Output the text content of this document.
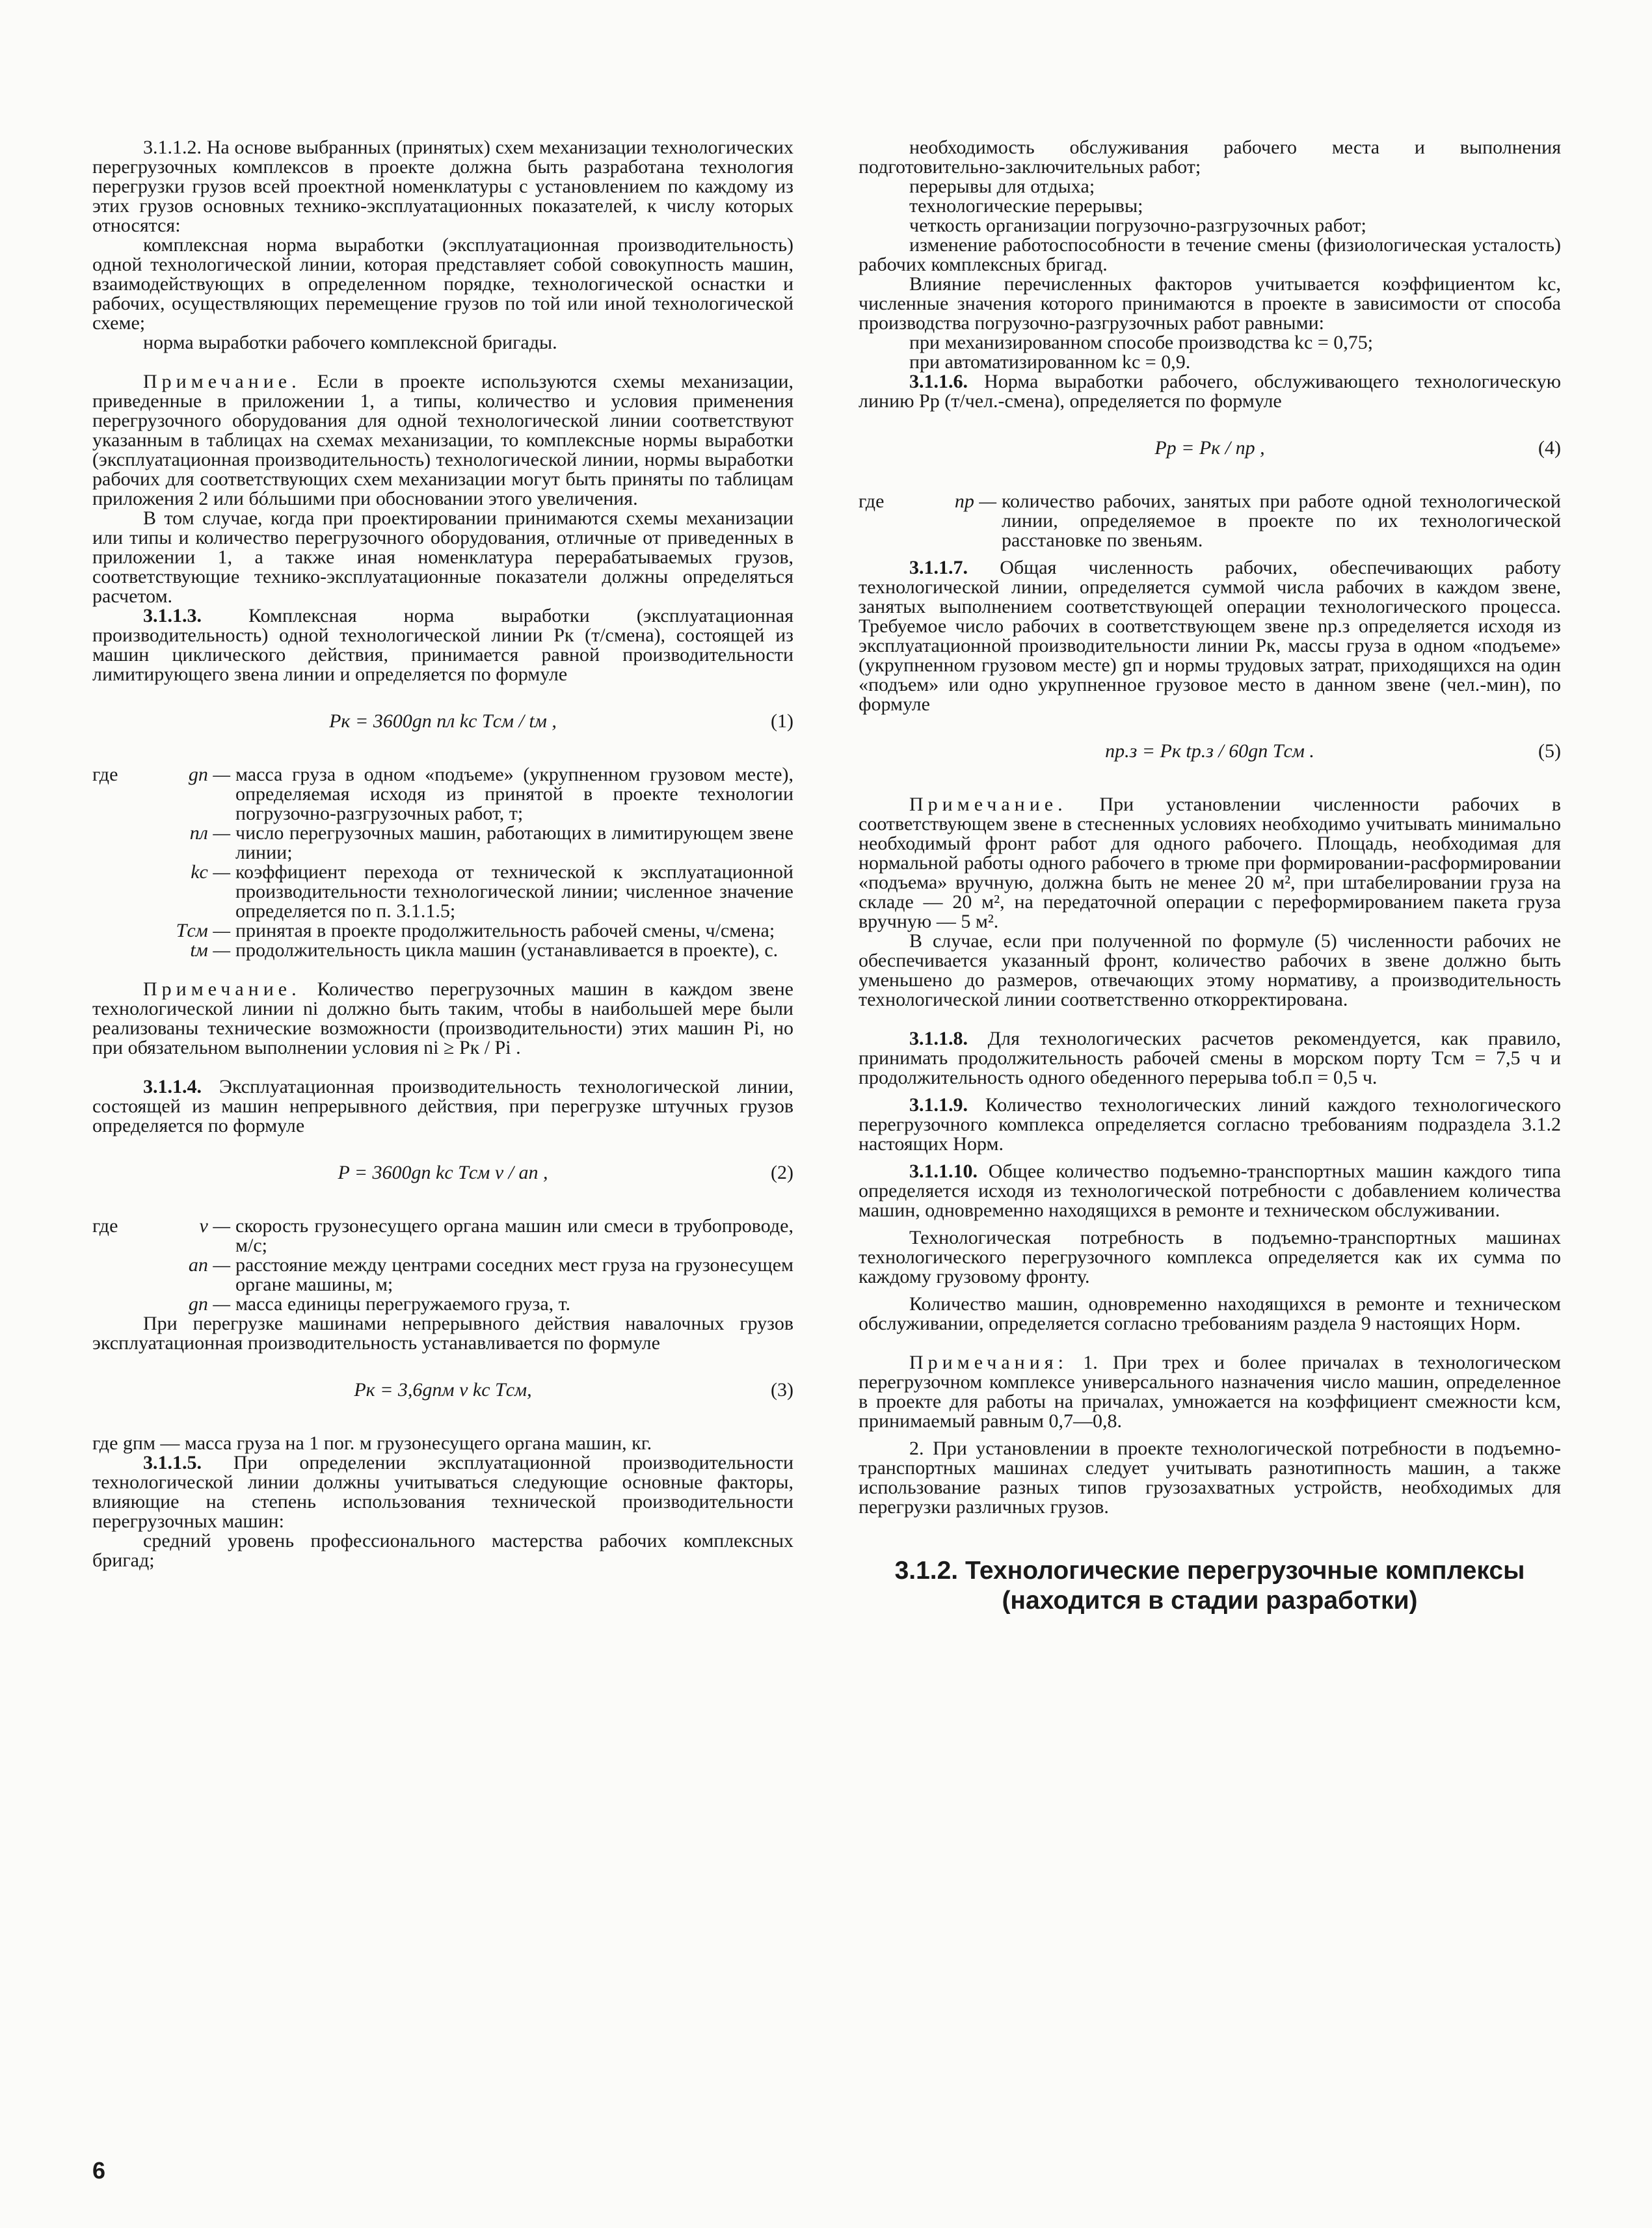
3.1.1.2. На основе выбранных (принятых) схем механизации технологических перегрузочных комплексов в проекте должна быть разработана технология перегрузки грузов всей проектной номенклатуры с установлением по каждому из этих грузов основных технико-эксплуатационных показателей, к числу которых относятся:

комплексная норма выработки (эксплуатационная производительность) одной технологической линии, которая представляет собой совокупность машин, взаимодействующих в определенном порядке, технологической оснастки и рабочих, осуществляющих перемещение грузов по той или иной технологической схеме;

норма выработки рабочего комплексной бригады.

Примечание. Если в проекте используются схемы механизации, приведенные в приложении 1, а типы, количество и условия применения перегрузочного оборудования для одной технологической линии соответствуют указанным в таблицах на схемах механизации, то комплексные нормы выработки (эксплуатационная производительность) технологической линии, нормы выработки рабочих для соответствующих схем механизации могут быть приняты по таблицам приложения 2 или бóльшими при обосновании этого увеличения.

В том случае, когда при проектировании принимаются схемы механизации или типы и количество перегрузочного оборудования, отличные от приведенных в приложении 1, а также иная номенклатура перерабатываемых грузов, соответствующие технико-эксплуатационные показатели должны определяться расчетом.

3.1.1.3. Комплексная норма выработки (эксплуатационная производительность) одной технологической линии Pк (т/смена), состоящей из машин циклического действия, принимается равной производительности лимитирующего звена линии и определяется по формуле

Pк = 3600gп nл kс Tсм / tм ,	(1)
где	gп — масса груза в одном «подъеме» (укрупненном грузовом месте), определяемая исходя из принятой в проекте технологии погрузочно-разгрузочных работ, т;
nл — число перегрузочных машин, работающих в лимитирующем звене линии;
kс — коэффициент перехода от технической к эксплуатационной производительности технологической линии; численное значение определяется по п. 3.1.1.5;
Tсм — принятая в проекте продолжительность рабочей смены, ч/смена;
tм — продолжительность цикла машин (устанавливается в проекте), с.

Примечание. Количество перегрузочных машин в каждом звене технологической линии ni должно быть таким, чтобы в наибольшей мере были реализованы технические возможности (производительности) этих машин Pi, но при обязательном выполнении условия ni ≥ Pк / Pi .

3.1.1.4. Эксплуатационная производительность технологической линии, состоящей из машин непрерывного действия, при перегрузке штучных грузов определяется по формуле

P = 3600gп kс Tсм v / aп ,	(2)
где	v — скорость грузонесущего органа машин или смеси в трубопроводе, м/с;
aп — расстояние между центрами соседних мест груза на грузонесущем органе машины, м;
gп — масса единицы перегружаемого груза, т.

При перегрузке машинами непрерывного действия навалочных грузов эксплуатационная производительность устанавливается по формуле

Pк = 3,6gпм v kс Tсм,	(3)

где gпм — масса груза на 1 пог. м грузонесущего органа машин, кг.

3.1.1.5. При определении эксплуатационной производительности технологической линии должны учитываться следующие основные факторы, влияющие на степень использования технической производительности перегрузочных машин:

средний уровень профессионального мастерства рабочих комплексных бригад;

необходимость обслуживания рабочего места и выполнения подготовительно-заключительных работ;

перерывы для отдыха;

технологические перерывы;

четкость организации погрузочно-разгрузочных работ;

изменение работоспособности в течение смены (физиологическая усталость) рабочих комплексных бригад.

Влияние перечисленных факторов учитывается коэффициентом kс, численные значения которого принимаются в проекте в зависимости от способа производства погрузочно-разгрузочных работ равными:

при механизированном способе производства kс = 0,75;

при автоматизированном kс = 0,9.

3.1.1.6. Норма выработки рабочего, обслуживающего технологическую линию Pр (т/чел.-смена), определяется по формуле

Pр = Pк / nр ,	(4)
где	nр — количество рабочих, занятых при работе одной технологической линии, определяемое в проекте по их технологической расстановке по звеньям.

3.1.1.7. Общая численность рабочих, обеспечивающих работу технологической линии, определяется суммой числа рабочих в каждом звене, занятых выполнением соответствующей операции технологического процесса. Требуемое число рабочих в соответствующем звене nр.з определяется исходя из эксплуатационной производительности линии Pк, массы груза в одном «подъеме» (укрупненном грузовом месте) gп и нормы трудовых затрат, приходящихся на один «подъем» или одно укрупненное грузовое место в данном звене (чел.-мин), по формуле

nр.з = Pк tр.з / 60gп Tсм .	(5)

Примечание. При установлении численности рабочих в соответствующем звене в стесненных условиях необходимо учитывать минимально необходимый фронт работ для одного рабочего. Площадь, необходимая для нормальной работы одного рабочего в трюме при формировании-расформировании «подъема» вручную, должна быть не менее 20 м², при штабелировании груза на складе — 20 м², на передаточной операции с переформированием пакета груза вручную — 5 м².

В случае, если при полученной по формуле (5) численности рабочих не обеспечивается указанный фронт, количество рабочих в звене должно быть уменьшено до размеров, отвечающих этому нормативу, а производительность технологической линии соответственно откорректирована.

3.1.1.8. Для технологических расчетов рекомендуется, как правило, принимать продолжительность рабочей смены в морском порту Tсм = 7,5 ч и продолжительность одного обеденного перерыва tоб.п = 0,5 ч.

3.1.1.9. Количество технологических линий каждого технологического перегрузочного комплекса определяется согласно требованиям подраздела 3.1.2 настоящих Норм.

3.1.1.10. Общее количество подъемно-транспортных машин каждого типа определяется исходя из технологической потребности с добавлением количества машин, одновременно находящихся в ремонте и техническом обслуживании.

Технологическая потребность в подъемно-транспортных машинах технологического перегрузочного комплекса определяется как их сумма по каждому грузовому фронту.

Количество машин, одновременно находящихся в ремонте и техническом обслуживании, определяется согласно требованиям раздела 9 настоящих Норм.

Примечания: 1. При трех и более причалах в технологическом перегрузочном комплексе универсального назначения число машин, определенное в проекте для работы на причалах, умножается на коэффициент смежности kсм, принимаемый равным 0,7—0,8.

2. При установлении в проекте технологической потребности в подъемно-транспортных машинах следует учитывать разнотипность машин, а также использование разных типов грузозахватных устройств, необходимых для перегрузки различных грузов.

3.1.2. Технологические перегрузочные комплексы (находится в стадии разработки)
6
